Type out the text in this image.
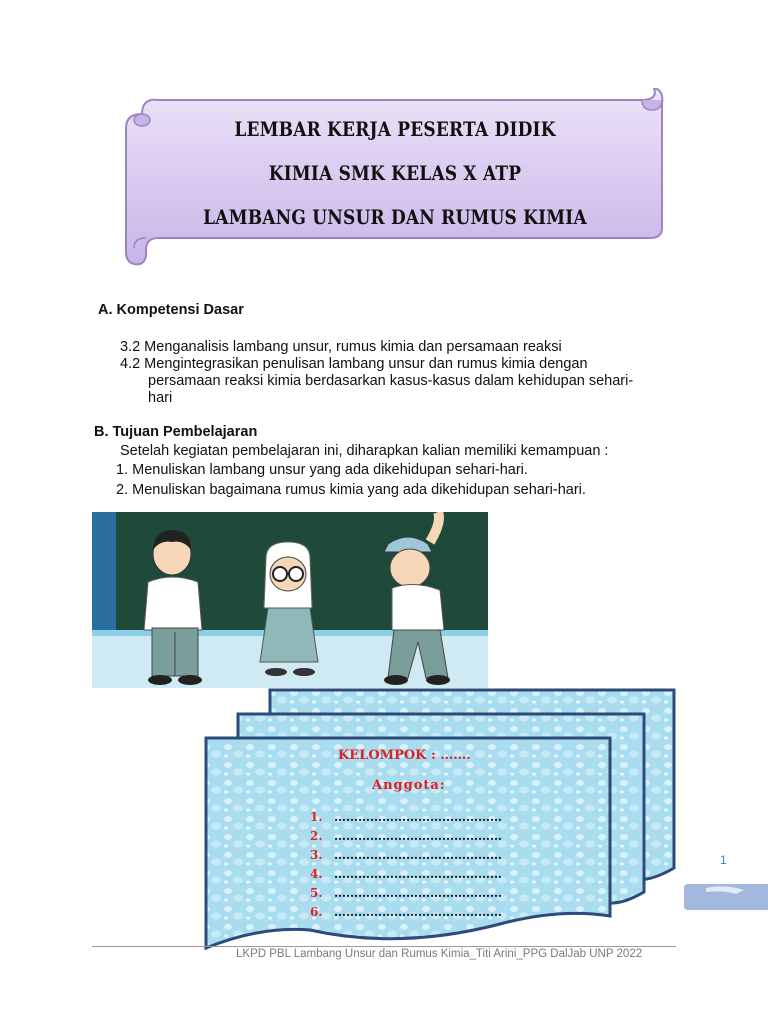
LEMBAR KERJA PESERTA DIDIK
KIMIA SMK KELAS X ATP
LAMBANG UNSUR DAN RUMUS KIMIA
A. Kompetensi Dasar
3.2 Menganalisis lambang unsur, rumus kimia dan persamaan reaksi
4.2 Mengintegrasikan penulisan lambang unsur dan rumus kimia dengan
persamaan reaksi kimia berdasarkan kasus-kasus dalam kehidupan sehari-
hari
B. Tujuan Pembelajaran
Setelah kegiatan pembelajaran ini, diharapkan kalian memiliki kemampuan :
1. Menuliskan lambang unsur yang ada dikehidupan sehari-hari.
2. Menuliskan bagaimana rumus kimia yang ada dikehidupan sehari-hari.
KELOMPOK : …….
Anggota:
1. ……………………………………
2. ……………………………………
3. ……………………………………
4. ……………………………………
5. ……………………………………
6. ……………………………………
1
LKPD PBL Lambang Unsur dan Rumus Kimia_Titi Arini_PPG DalJab UNP 2022
